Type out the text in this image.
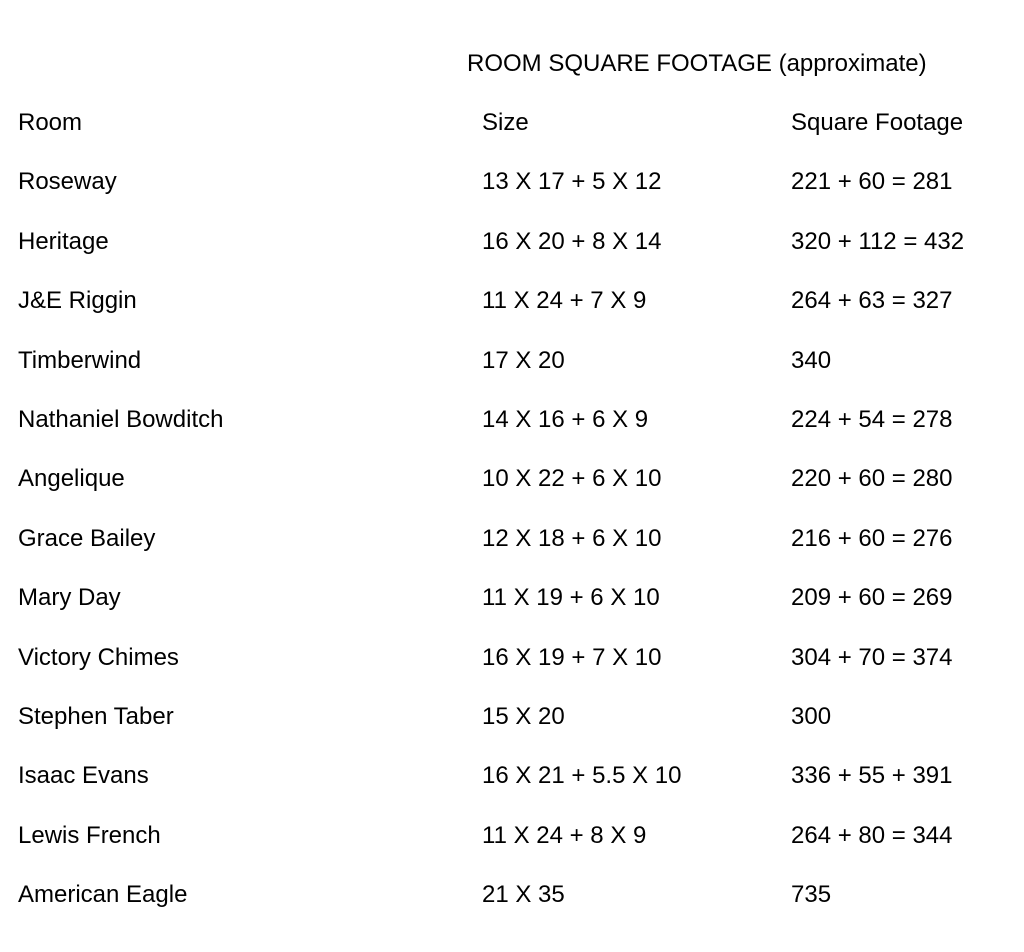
ROOM SQUARE FOOTAGE (approximate)
Room	Size	Square Footage
Roseway	13 X 17 + 5 X 12	221 + 60 = 281
Heritage	16 X 20 + 8 X 14	320 + 112 = 432
J&E Riggin	11 X 24 + 7 X 9	264 + 63 = 327
Timberwind	17 X 20	340
Nathaniel Bowditch	14 X 16 + 6 X 9	224 + 54 = 278
Angelique	10 X 22 + 6 X 10	220 + 60 = 280
Grace Bailey	12 X 18 + 6 X 10	216 + 60 = 276
Mary Day	11 X 19 + 6 X 10	209 + 60 = 269
Victory Chimes	16 X 19 + 7 X 10	304 + 70 = 374
Stephen Taber	15 X 20	300
Isaac Evans	16 X 21 + 5.5 X 10	336 + 55 + 391
Lewis French	11 X 24 + 8 X 9	264 + 80 = 344
American Eagle	21 X 35	735
